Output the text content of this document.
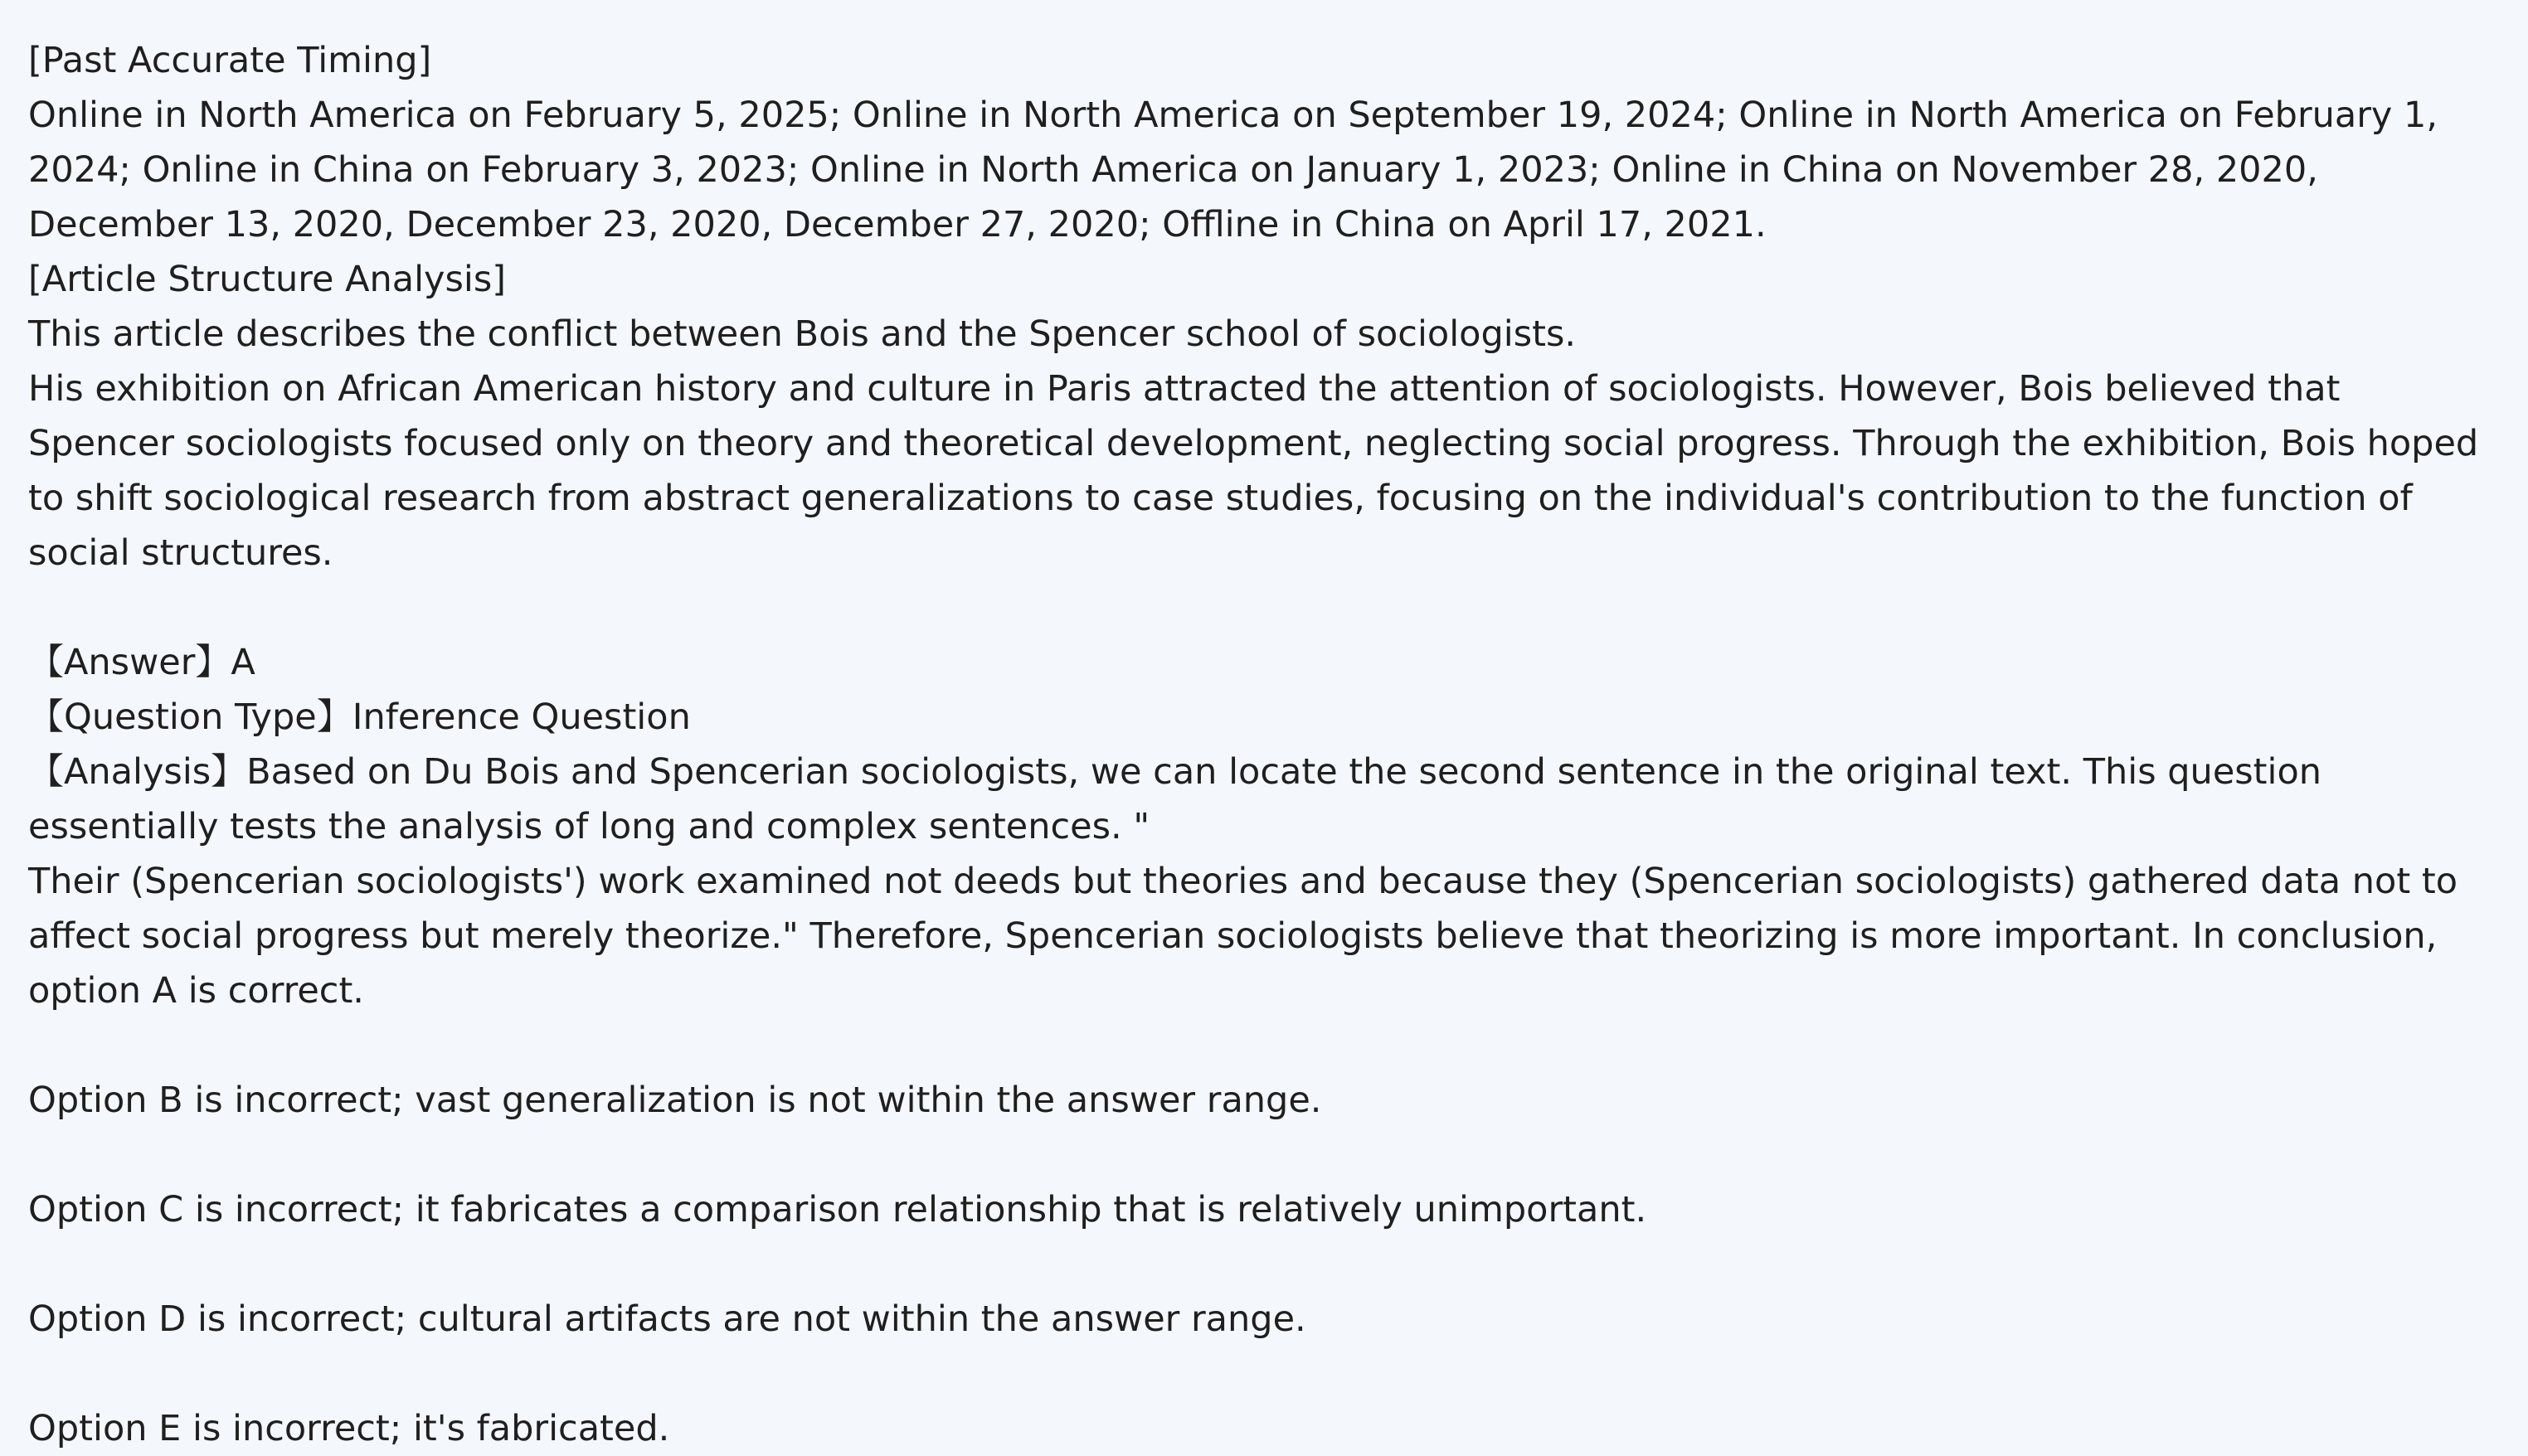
[Past Accurate Timing]

Online in North America on February 5, 2025; Online in North America on September 19, 2024; Online in North America on February 1, 2024; Online in China on February 3, 2023; Online in North America on January 1, 2023; Online in China on November 28, 2020, December 13, 2020, December 23, 2020, December 27, 2020; Offline in China on April 17, 2021.

[Article Structure Analysis]

This article describes the conflict between Bois and the Spencer school of sociologists.

His exhibition on African American history and culture in Paris attracted the attention of sociologists. However, Bois believed that Spencer sociologists focused only on theory and theoretical development, neglecting social progress. Through the exhibition, Bois hoped to shift sociological research from abstract generalizations to case studies, focusing on the individual's contribution to the function of social structures.

【Answer】A

【Question Type】Inference Question

【Analysis】Based on Du Bois and Spencerian sociologists, we can locate the second sentence in the original text. This question essentially tests the analysis of long and complex sentences. "

Their (Spencerian sociologists') work examined not deeds but theories and because they (Spencerian sociologists) gathered data not to affect social progress but merely theorize." Therefore, Spencerian sociologists believe that theorizing is more important. In conclusion, option A is correct.

Option B is incorrect; vast generalization is not within the answer range.

Option C is incorrect; it fabricates a comparison relationship that is relatively unimportant.

Option D is incorrect; cultural artifacts are not within the answer range.

Option E is incorrect; it's fabricated.
